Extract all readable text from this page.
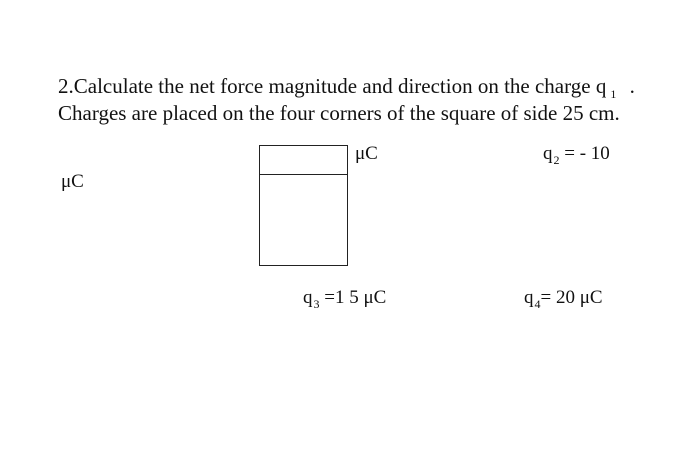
2.Calculate the net force magnitude and direction on the charge q $_1$ .
Charges are placed on the four corners of the square of side 25 cm.
μC
μC	$q_2$ = - 10
$q_3 =1$ 5 μC	$q_4= 20$ μC
